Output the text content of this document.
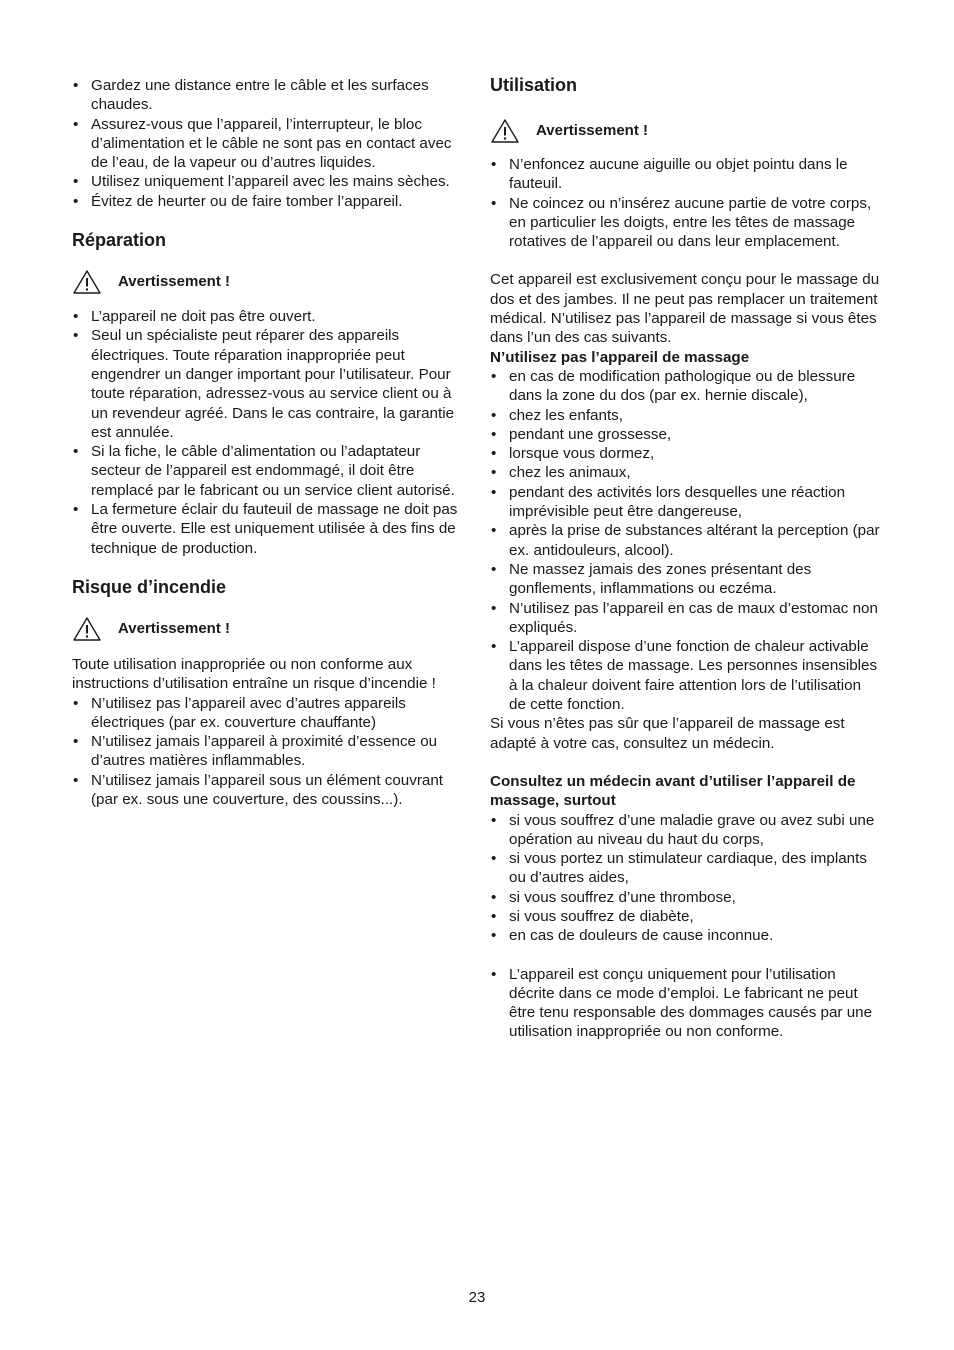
• Gardez une distance entre le câble et les surfaces chaudes.
• Assurez-vous que l’appareil, l’interrupteur, le bloc d’alimentation et le câble ne sont pas en contact avec de l’eau, de la vapeur ou d’autres liquides.
• Utilisez uniquement l’appareil avec les mains sèches.
• Évitez de heurter ou de faire tomber l’appareil.
Réparation
Avertissement !
• L’appareil ne doit pas être ouvert.
• Seul un spécialiste peut réparer des appareils électriques. Toute réparation inappropriée peut engendrer un danger important pour l’utilisateur. Pour toute réparation, adressez-vous au service client ou à un revendeur agréé. Dans le cas contraire, la garantie est annulée.
• Si la fiche, le câble d’alimentation ou l’adaptateur secteur de l’appareil est endommagé, il doit être remplacé par le fabricant ou un service client autorisé.
• La fermeture éclair du fauteuil de massage ne doit pas être ouverte. Elle est uniquement utilisée à des fins de technique de production.
Risque d’incendie
Avertissement !

Toute utilisation inappropriée ou non conforme aux instructions d’utilisation entraîne un risque d’incendie !

• N’utilisez pas l’appareil avec d’autres appareils électriques (par ex. couverture chauffante)
• N’utilisez jamais l’appareil à proximité d’essence ou d’autres matières inflammables.
• N’utilisez jamais l’appareil sous un élément couvrant (par ex. sous une couverture, des coussins...).
Utilisation
Avertissement !
• N’enfoncez aucune aiguille ou objet pointu dans le fauteuil.
• Ne coincez ou n’insérez aucune partie de votre corps, en particulier les doigts, entre les têtes de massage rotatives de l’appareil ou dans leur emplacement.

Cet appareil est exclusivement conçu pour le massage du dos et des jambes. Il ne peut pas remplacer un traitement médical. N’utilisez pas l’appareil de massage si vous êtes dans l’un des cas suivants.

N’utilisez pas l’appareil de massage

• en cas de modification pathologique ou de blessure dans la zone du dos (par ex. hernie discale),
• chez les enfants,
• pendant une grossesse,
• lorsque vous dormez,
• chez les animaux,
• pendant des activités lors desquelles une réaction imprévisible peut être dangereuse,
• après la prise de substances altérant la perception (par ex. antidouleurs, alcool).
• Ne massez jamais des zones présentant des gonflements, inflammations ou eczéma.
• N’utilisez pas l’appareil en cas de maux d’estomac non expliqués.
• L’appareil dispose d’une fonction de chaleur activable dans les têtes de massage. Les personnes insensibles à la chaleur doivent faire attention lors de l’utilisation de cette fonction.

Si vous n’êtes pas sûr que l’appareil de massage est adapté à votre cas, consultez un médecin.

Consultez un médecin avant d’utiliser l’appareil de massage, surtout

• si vous souffrez d’une maladie grave ou avez subi une opération au niveau du haut du corps,
• si vous portez un stimulateur cardiaque, des implants ou d’autres aides,
• si vous souffrez d’une thrombose,
• si vous souffrez de diabète,
• en cas de douleurs de cause inconnue.
• L’appareil est conçu uniquement pour l’utilisation décrite dans ce mode d’emploi. Le fabricant ne peut être tenu responsable des dommages causés par une utilisation inappropriée ou non conforme.
23
